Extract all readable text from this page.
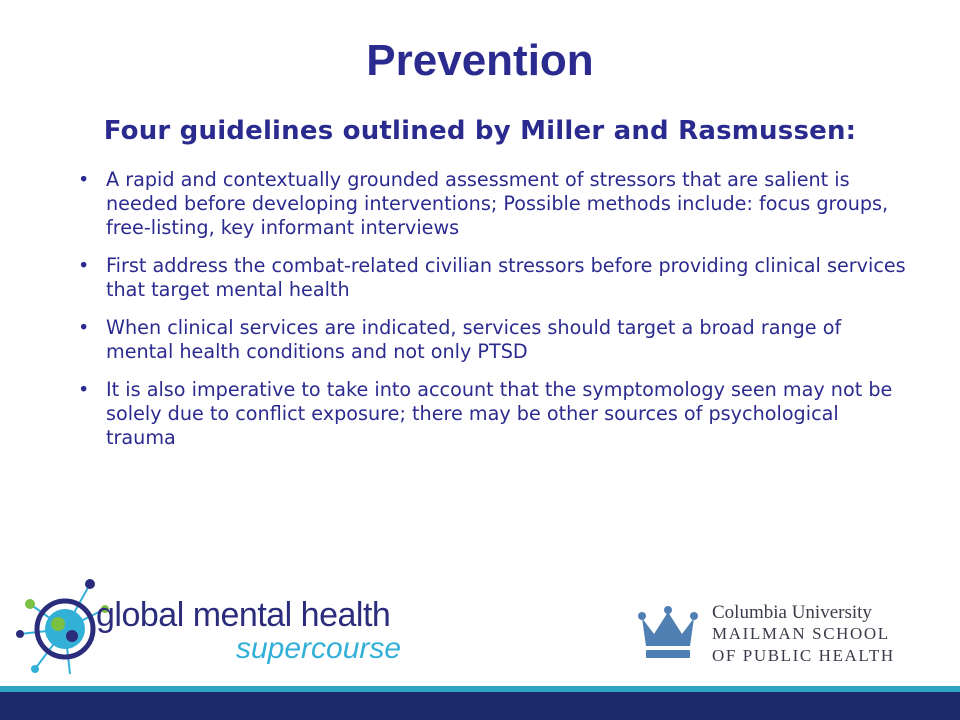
Prevention
Four guidelines outlined by Miller and Rasmussen:
• A rapid and contextually grounded assessment of stressors that are salient is needed before developing interventions; Possible methods include: focus groups, free-listing, key informant interviews
• First address the combat-related civilian stressors before providing clinical services that target mental health
• When clinical services are indicated, services should target a broad range of mental health conditions and not only PTSD
• It is also imperative to take into account that the symptomology seen may not be solely due to conflict exposure; there may be other sources of psychological trauma
global mental health
supercourse
Columbia University
MAILMAN SCHOOL
OF PUBLIC HEALTH
